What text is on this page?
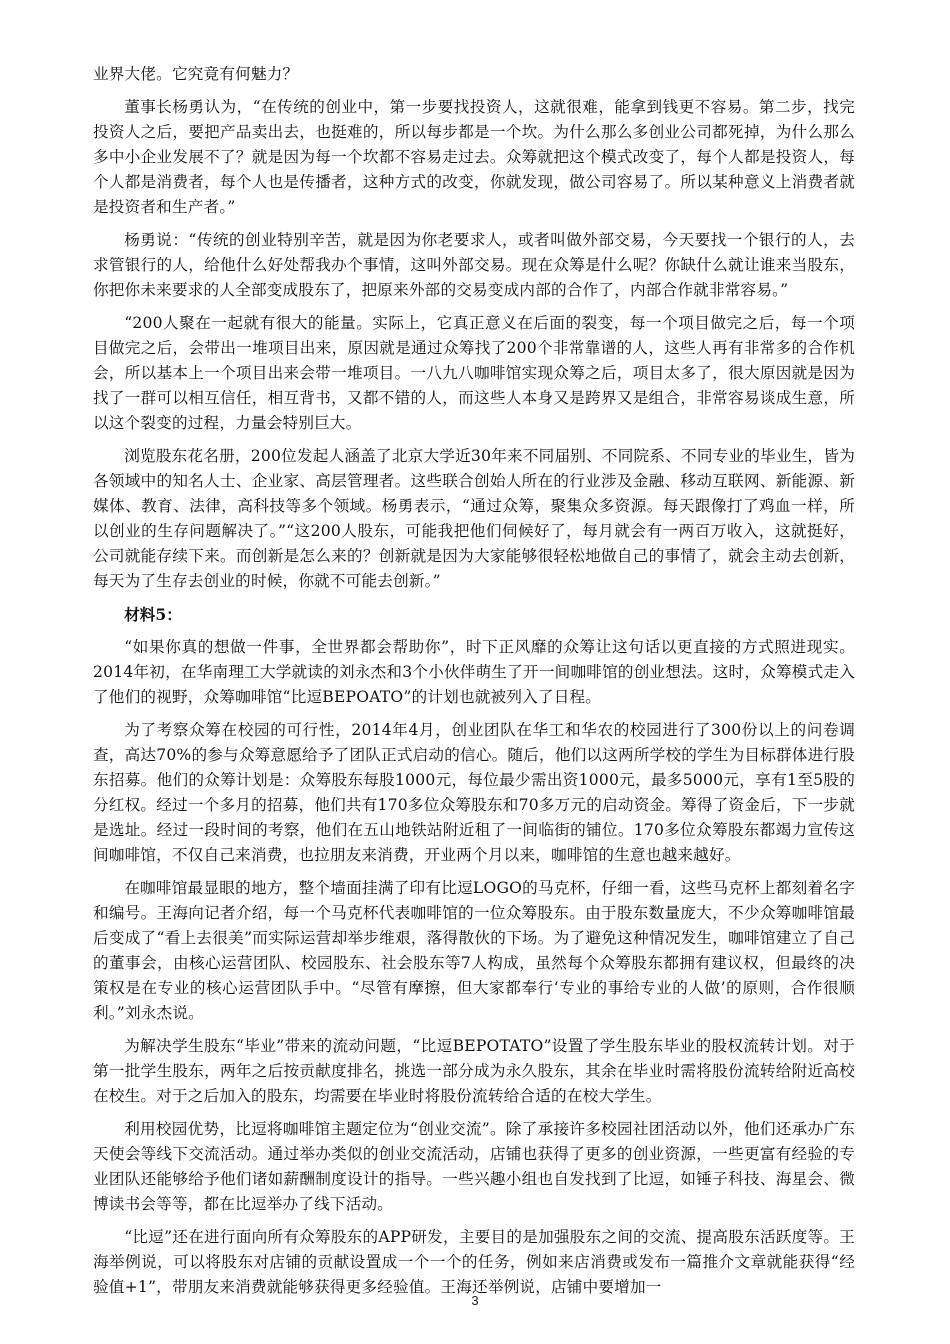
业界大佬。它究竟有何魅力？

董事长杨勇认为，“在传统的创业中，第一步要找投资人，这就很难，能拿到钱更不容易。第二步，找完投资人之后，要把产品卖出去，也挺难的，所以每步都是一个坎。为什么那么多创业公司都死掉，为什么那么多中小企业发展不了？就是因为每一个坎都不容易走过去。众筹就把这个模式改变了，每个人都是投资人，每个人都是消费者，每个人也是传播者，这种方式的改变，你就发现，做公司容易了。所以某种意义上消费者就是投资者和生产者。”

杨勇说：“传统的创业特别辛苦，就是因为你老要求人，或者叫做外部交易，今天要找一个银行的人，去求管银行的人，给他什么好处帮我办个事情，这叫外部交易。现在众筹是什么呢？你缺什么就让谁来当股东，你把你未来要求的人全部变成股东了，把原来外部的交易变成内部的合作了，内部合作就非常容易。”

“200人聚在一起就有很大的能量。实际上，它真正意义在后面的裂变，每一个项目做完之后，每一个项目做完之后，会带出一堆项目出来，原因就是通过众筹找了200个非常靠谱的人，这些人再有非常多的合作机会，所以基本上一个项目出来会带一堆项目。一八九八咖啡馆实现众筹之后，项目太多了，很大原因就是因为找了一群可以相互信任，相互背书，又都不错的人，而这些人本身又是跨界又是组合，非常容易谈成生意，所以这个裂变的过程，力量会特别巨大。

浏览股东花名册，200位发起人涵盖了北京大学近30年来不同届别、不同院系、不同专业的毕业生，皆为各领域中的知名人士、企业家、高层管理者。这些联合创始人所在的行业涉及金融、移动互联网、新能源、新媒体、教育、法律，高科技等多个领域。杨勇表示，“通过众筹，聚集众多资源。每天跟像打了鸡血一样，所以创业的生存问题解决了。”“这200人股东，可能我把他们伺候好了，每月就会有一两百万收入，这就挺好，公司就能存续下来。而创新是怎么来的？创新就是因为大家能够很轻松地做自己的事情了，就会主动去创新，每天为了生存去创业的时候，你就不可能去创新。”

材料5：

“如果你真的想做一件事，全世界都会帮助你”，时下正风靡的众筹让这句话以更直接的方式照进现实。2014年初，在华南理工大学就读的刘永杰和3个小伙伴萌生了开一间咖啡馆的创业想法。这时，众筹模式走入了他们的视野，众筹咖啡馆“比逗BEPOATO”的计划也就被列入了日程。

为了考察众筹在校园的可行性，2014年4月，创业团队在华工和华农的校园进行了300份以上的问卷调查，高达70%的参与众筹意愿给予了团队正式启动的信心。随后，他们以这两所学校的学生为目标群体进行股东招募。他们的众筹计划是：众筹股东每股1000元，每位最少需出资1000元，最多5000元，享有1至5股的分红权。经过一个多月的招募，他们共有170多位众筹股东和70多万元的启动资金。筹得了资金后，下一步就是选址。经过一段时间的考察，他们在五山地铁站附近租了一间临街的铺位。170多位众筹股东都竭力宣传这间咖啡馆，不仅自己来消费，也拉朋友来消费，开业两个月以来，咖啡馆的生意也越来越好。

在咖啡馆最显眼的地方，整个墙面挂满了印有比逗LOGO的马克杯，仔细一看，这些马克杯上都刻着名字和编号。王海向记者介绍，每一个马克杯代表咖啡馆的一位众筹股东。由于股东数量庞大，不少众筹咖啡馆最后变成了“看上去很美”而实际运营却举步维艰，落得散伙的下场。为了避免这种情况发生，咖啡馆建立了自己的董事会，由核心运营团队、校园股东、社会股东等7人构成，虽然每个众筹股东都拥有建议权，但最终的决策权是在专业的核心运营团队手中。“尽管有摩擦，但大家都奉行‘专业的事给专业的人做’的原则，合作很顺利。”刘永杰说。

为解决学生股东“毕业”带来的流动问题，“比逗BEPOTATO”设置了学生股东毕业的股权流转计划。对于第一批学生股东，两年之后按贡献度排名，挑选一部分成为永久股东，其余在毕业时需将股份流转给附近高校在校生。对于之后加入的股东，均需要在毕业时将股份流转给合适的在校大学生。

利用校园优势，比逗将咖啡馆主题定位为“创业交流”。除了承接许多校园社团活动以外，他们还承办广东天使会等线下交流活动。通过举办类似的创业交流活动，店铺也获得了更多的创业资源，一些更富有经验的专业团队还能够给予他们诸如薪酬制度设计的指导。一些兴趣小组也自发找到了比逗，如锤子科技、海星会、微博读书会等等，都在比逗举办了线下活动。

“比逗”还在进行面向所有众筹股东的APP研发，主要目的是加强股东之间的交流、提高股东活跃度等。王海举例说，可以将股东对店铺的贡献设置成一个一个的任务，例如来店消费或发布一篇推介文章就能获得“经验值+1”，带朋友来消费就能够获得更多经验值。王海还举例说，店铺中要增加一

3
